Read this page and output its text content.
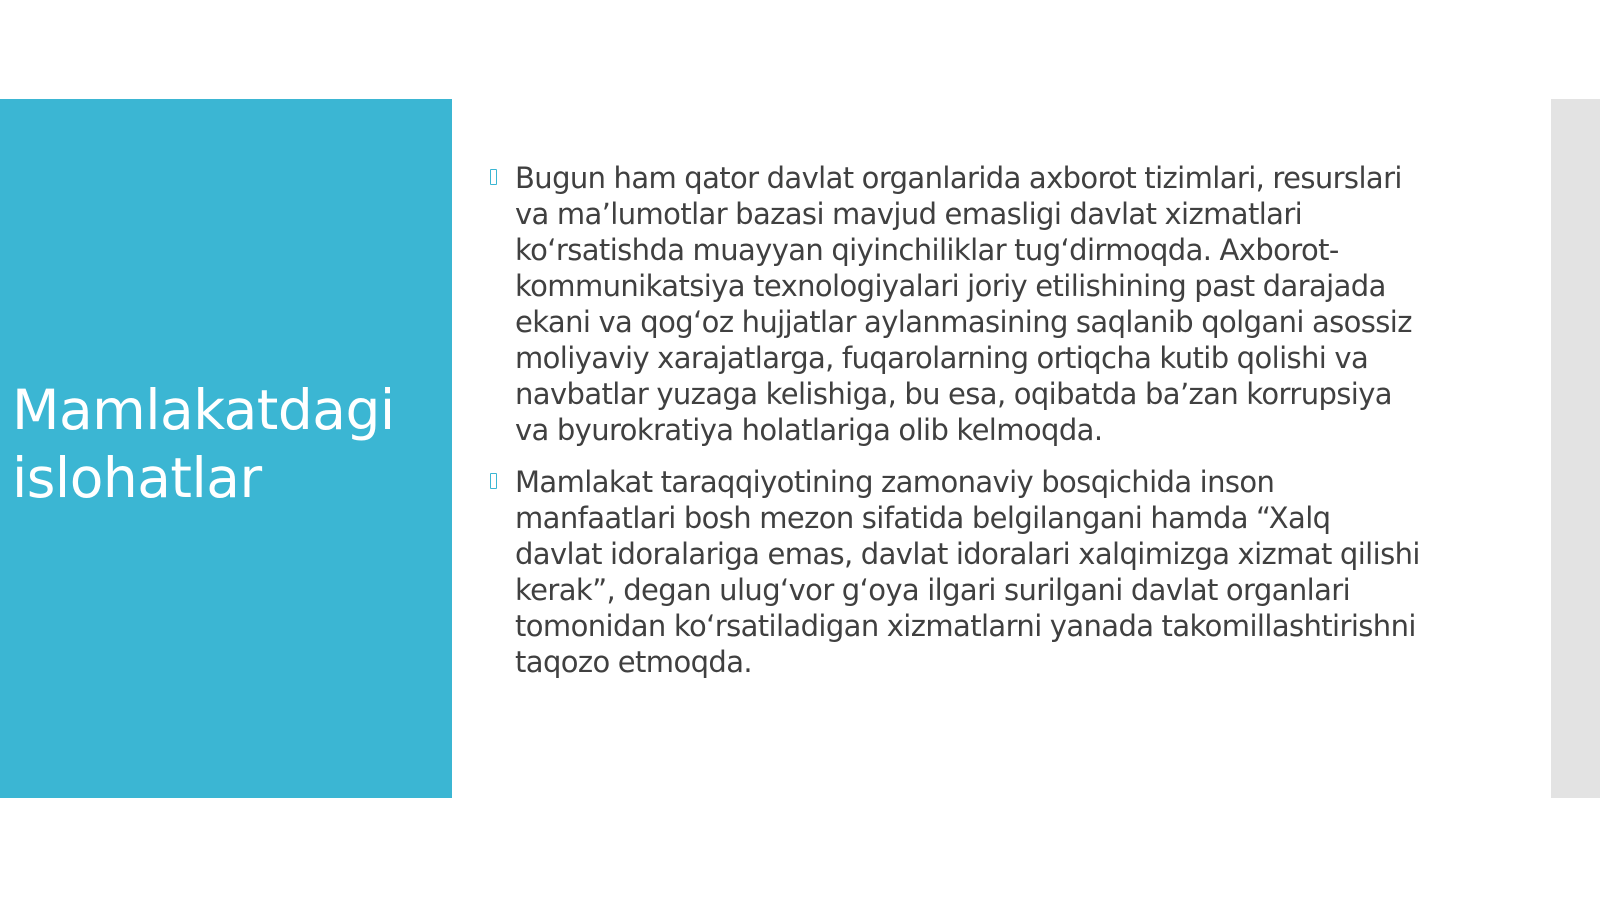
Mamlakatdagi islohatlar
Bugun ham qator davlat organlarida axborot tizimlari, resurslari va ma’lumotlar bazasi mavjud emasligi davlat xizmatlari ko‘rsatishda muayyan qiyinchiliklar tug‘dirmoqda. Axborot-kommunikatsiya texnologiyalari joriy etilishining past darajada ekani va qog‘oz hujjatlar aylanmasining saqlanib qolgani asossiz moliyaviy xarajatlarga, fuqarolarning ortiqcha kutib qolishi va navbatlar yuzaga kelishiga, bu esa, oqibatda ba’zan korrupsiya va byurokratiya holatlariga olib kelmoqda.
Mamlakat taraqqiyotining zamonaviy bosqichida inson manfaatlari bosh mezon sifatida belgilangani hamda “Xalq davlat idoralariga emas, davlat idoralari xalqimizga xizmat qilishi kerak”, degan ulug‘vor g‘oya ilgari surilgani davlat organlari tomonidan ko‘rsatiladigan xizmatlarni yanada takomillashtirishni taqozo etmoqda.
